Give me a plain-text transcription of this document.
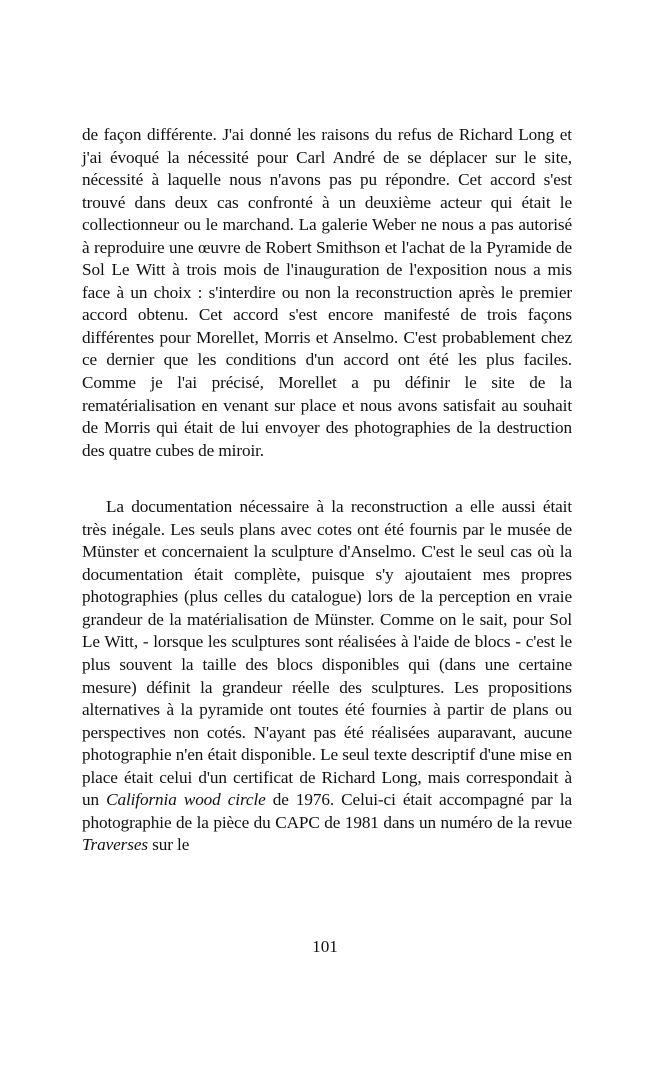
de façon différente. J'ai donné les raisons du refus de Richard Long et j'ai évoqué la nécessité pour Carl André de se déplacer sur le site, nécessité à laquelle nous n'avons pas pu répondre. Cet accord s'est trouvé dans deux cas confronté à un deuxième acteur qui était le collectionneur ou le marchand. La galerie Weber ne nous a pas autorisé à reproduire une œuvre de Robert Smithson et l'achat de la Pyramide de Sol Le Witt à trois mois de l'inauguration de l'exposition nous a mis face à un choix : s'interdire ou non la reconstruction après le premier accord obtenu. Cet accord s'est encore manifesté de trois façons différentes pour Morellet, Morris et Anselmo. C'est probablement chez ce dernier que les conditions d'un accord ont été les plus faciles. Comme je l'ai précisé, Morellet a pu définir le site de la rematérialisation en venant sur place et nous avons satisfait au souhait de Morris qui était de lui envoyer des photographies de la destruction des quatre cubes de miroir.

La documentation nécessaire à la reconstruction a elle aussi était très inégale. Les seuls plans avec cotes ont été fournis par le musée de Münster et concernaient la sculpture d'Anselmo. C'est le seul cas où la documentation était complète, puisque s'y ajoutaient mes propres photographies (plus celles du catalogue) lors de la perception en vraie grandeur de la matérialisation de Münster. Comme on le sait, pour Sol Le Witt, - lorsque les sculptures sont réalisées à l'aide de blocs - c'est le plus souvent la taille des blocs disponibles qui (dans une certaine mesure) définit la grandeur réelle des sculptures. Les propositions alternatives à la pyramide ont toutes été fournies à partir de plans ou perspectives non cotés. N'ayant pas été réalisées auparavant, aucune photographie n'en était disponible. Le seul texte descriptif d'une mise en place était celui d'un certificat de Richard Long, mais correspondait à un California wood circle de 1976. Celui-ci était accompagné par la photographie de la pièce du CAPC de 1981 dans un numéro de la revue Traverses sur le

101
